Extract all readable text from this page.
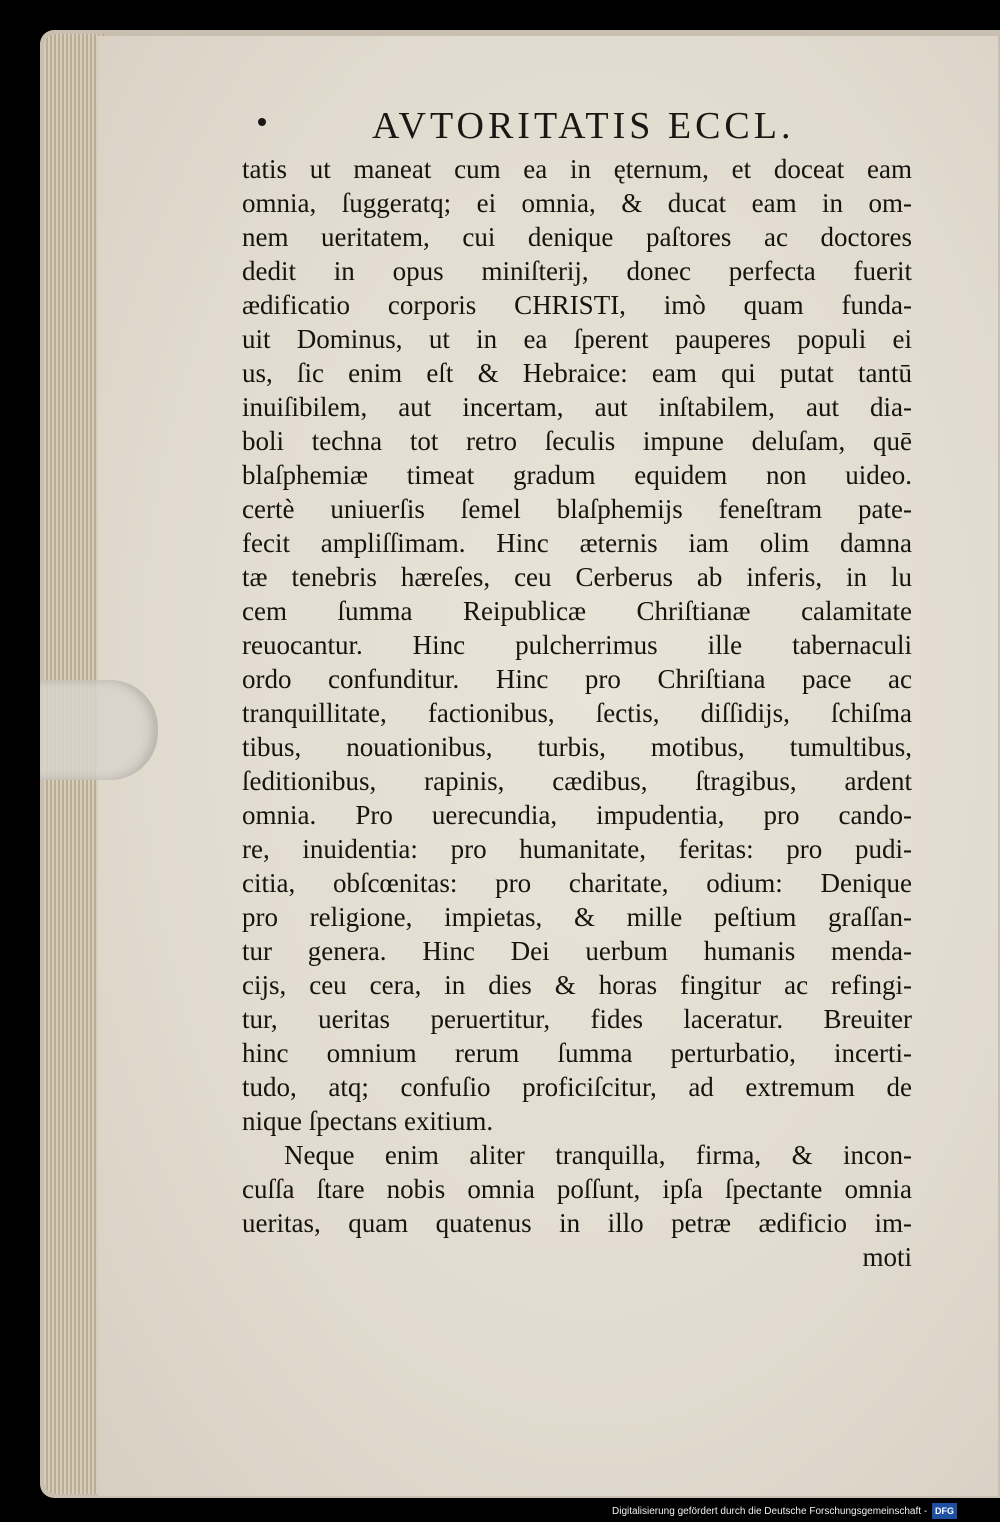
AVTORITATIS ECCL.
tatis ut maneat cum ea in ęternum, et doceat eam
omnia, ſuggeratq; ei omnia, & ducat eam in om-
nem ueritatem, cui denique paſtores ac doctores
dedit in opus miniſterij, donec perfecta fuerit
ædificatio corporis CHRISTI, imò quam funda-
uit Dominus, ut in ea ſperent pauperes populi ei
us, ſic enim eſt & Hebraice: eam qui putat tantū
inuiſibilem, aut incertam, aut inſtabilem, aut dia-
boli techna tot retro ſeculis impune deluſam, quē
blaſphemiæ timeat gradum equidem non uideo.
certè uniuerſis ſemel blaſphemijs feneſtram pate-
fecit ampliſſimam. Hinc æternis iam olim damna
tæ tenebris hæreſes, ceu Cerberus ab inferis, in lu
cem ſumma Reipublicæ Chriſtianæ calamitate
reuocantur. Hinc pulcherrimus ille tabernaculi
ordo confunditur. Hinc pro Chriſtiana pace ac
tranquillitate, factionibus, ſectis, diſſidijs, ſchiſma
tibus, nouationibus, turbis, motibus, tumultibus,
ſeditionibus, rapinis, cædibus, ſtragibus, ardent
omnia. Pro uerecundia, impudentia, pro cando-
re, inuidentia: pro humanitate, feritas: pro pudi-
citia, obſcœnitas: pro charitate, odium: Denique
pro religione, impietas, & mille peſtium graſſan-
tur genera. Hinc Dei uerbum humanis menda-
cijs, ceu cera, in dies & horas fingitur ac refingi-
tur, ueritas peruertitur, fides laceratur. Breuiter
hinc omnium rerum ſumma perturbatio, incerti-
tudo, atq; confuſio proficiſcitur, ad extremum de
nique ſpectans exitium.
Neque enim aliter tranquilla, firma, & incon-
cuſſa ſtare nobis omnia poſſunt, ipſa ſpectante omnia
ueritas, quam quatenus in illo petræ ædificio im-
moti
Digitalisierung gefördert durch die Deutsche Forschungsgemeinschaft - DFG
